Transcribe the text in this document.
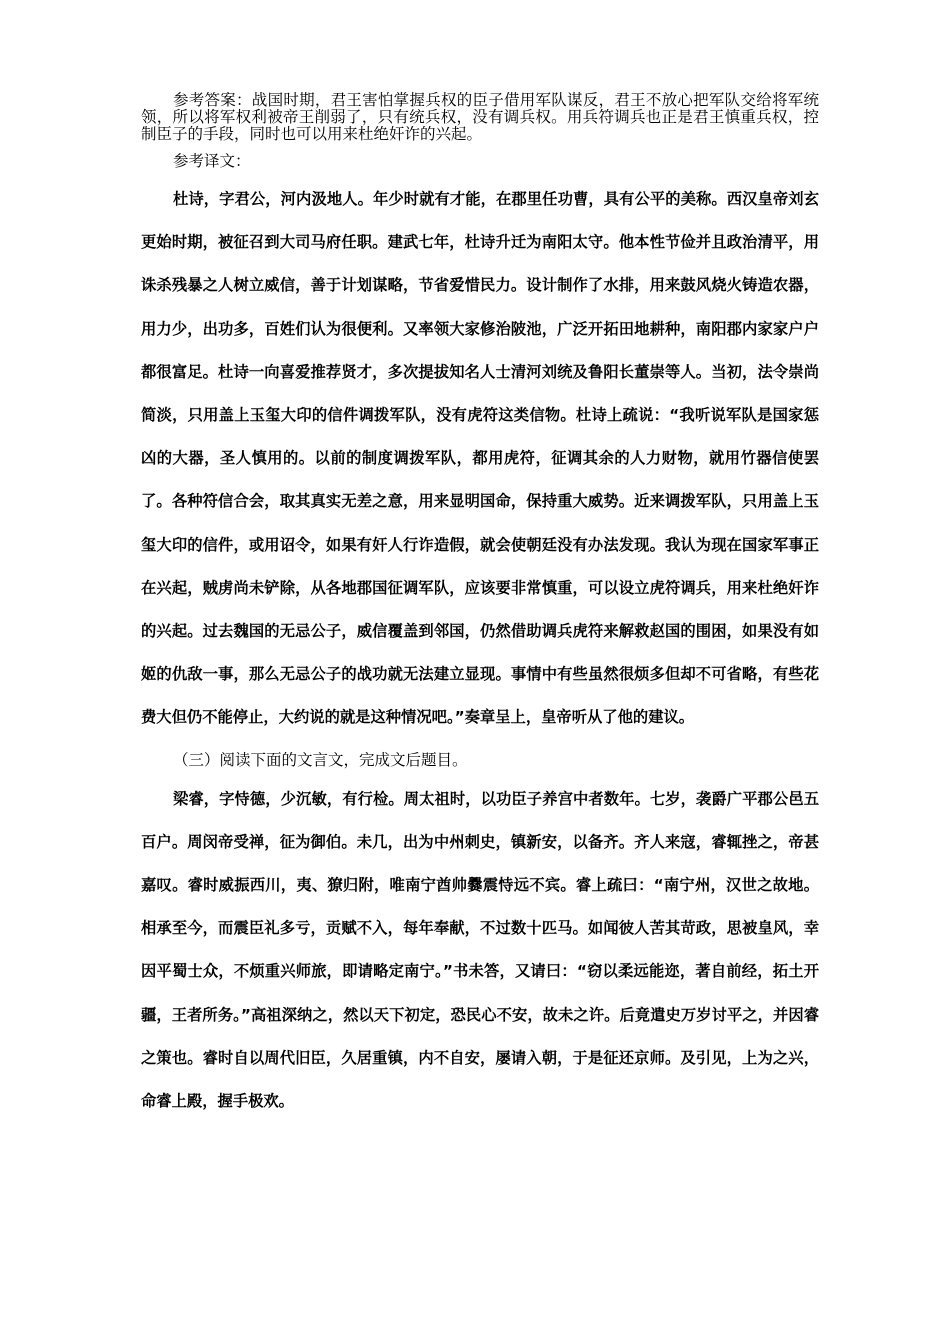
参考答案：战国时期，君王害怕掌握兵权的臣子借用军队谋反，君王不放心把军队交给将军统领，所以将军权利被帝王削弱了，只有统兵权，没有调兵权。用兵符调兵也正是君王慎重兵权，控制臣子的手段，同时也可以用来杜绝奸诈的兴起。

参考译文：

杜诗，字君公，河内汲地人。年少时就有才能，在郡里任功曹，具有公平的美称。西汉皇帝刘玄更始时期，被征召到大司马府任职。建武七年，杜诗升迁为南阳太守。他本性节俭并且政治清平，用诛杀残暴之人树立威信，善于计划谋略，节省爱惜民力。设计制作了水排，用来鼓风烧火铸造农器，用力少，出功多，百姓们认为很便利。又率领大家修治陂池，广泛开拓田地耕种，南阳郡内家家户户都很富足。杜诗一向喜爱推荐贤才，多次提拔知名人士清河刘统及鲁阳长董崇等人。当初，法令崇尚简淡，只用盖上玉玺大印的信件调拨军队，没有虎符这类信物。杜诗上疏说：“我听说军队是国家惩凶的大器，圣人慎用的。以前的制度调拨军队，都用虎符，征调其余的人力财物，就用竹器信使罢了。各种符信合会，取其真实无差之意，用来显明国命，保持重大威势。近来调拨军队，只用盖上玉玺大印的信件，或用诏令，如果有奸人行诈造假，就会使朝廷没有办法发现。我认为现在国家军事正在兴起，贼虏尚未铲除，从各地郡国征调军队，应该要非常慎重，可以设立虎符调兵，用来杜绝奸诈的兴起。过去魏国的无忌公子，威信覆盖到邻国，仍然借助调兵虎符来解救赵国的围困，如果没有如姬的仇敌一事，那么无忌公子的战功就无法建立显现。事情中有些虽然很烦多但却不可省略，有些花费大但仍不能停止，大约说的就是这种情况吧。”奏章呈上，皇帝听从了他的建议。

（三）阅读下面的文言文，完成文后题目。

梁睿，字恃德，少沉敏，有行检。周太祖时，以功臣子养宫中者数年。七岁，袭爵广平郡公邑五百户。周闵帝受禅，征为御伯。未几，出为中州刺史，镇新安，以备齐。齐人来寇，睿辄挫之，帝甚嘉叹。睿时威振西川，夷、獠归附，唯南宁酋帅爨震恃远不宾。睿上疏曰：“南宁州，汉世之故地。相承至今，而震臣礼多亏，贡赋不入，每年奉献，不过数十匹马。如闻彼人苦其苛政，思被皇风，幸因平蜀士众，不烦重兴师旅，即请略定南宁。”书未答，又请曰：“窃以柔远能迩，著自前经，拓土开疆，王者所务。”高祖深纳之，然以天下初定，恐民心不安，故未之许。后竟遣史万岁讨平之，并因睿之策也。睿时自以周代旧臣，久居重镇，内不自安，屡请入朝，于是征还京师。及引见，上为之兴，命睿上殿，握手极欢。
